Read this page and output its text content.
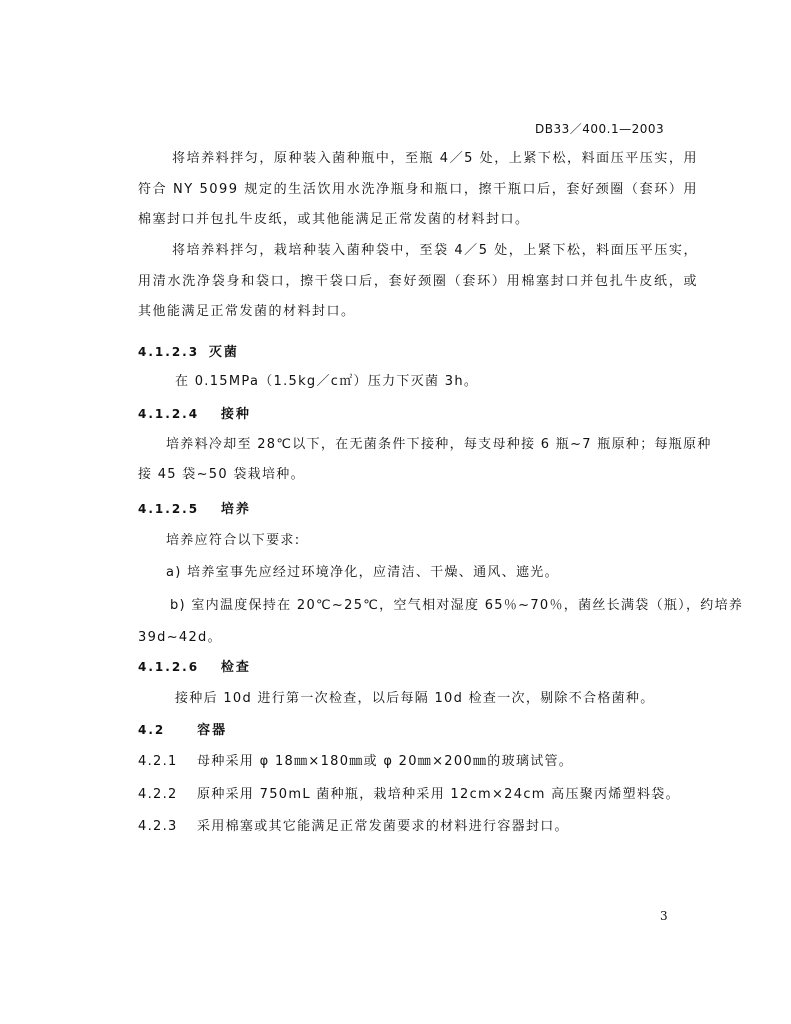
DB33／400.1—2003

将培养料拌匀，原种装入菌种瓶中，至瓶 4／5 处，上紧下松，料面压平压实，用符合 NY 5099 规定的生活饮用水洗净瓶身和瓶口，擦干瓶口后，套好颈圈（套环）用棉塞封口并包扎牛皮纸，或其他能满足正常发菌的材料封口。

将培养料拌匀，栽培种装入菌种袋中，至袋 4／5 处，上紧下松，料面压平压实，用清水洗净袋身和袋口，擦干袋口后，套好颈圈（套环）用棉塞封口并包扎牛皮纸，或其他能满足正常发菌的材料封口。

4.1.2.3 灭菌
在 0.15MPa（1.5kg／c㎡）压力下灭菌 3h。
4.1.2.4 接种
培养料冷却至 28℃以下，在无菌条件下接种，每支母种接 6 瓶~7 瓶原种；每瓶原种
接 45 袋~50 袋栽培种。
4.1.2.5 培养
培养应符合以下要求:
a) 培养室事先应经过环境净化，应清洁、干燥、通风、遮光。
b) 室内温度保持在 20℃~25℃，空气相对湿度 65％~70％，菌丝长满袋（瓶），约培养
39d~42d。
4.1.2.6 检查
接种后 10d 进行第一次检查，以后每隔 10d 检查一次，剔除不合格菌种。
4.2 容器
4.2.1 母种采用 φ 18㎜×180㎜或 φ 20㎜×200㎜的玻璃试管。
4.2.2 原种采用 750mL 菌种瓶，栽培种采用 12cm×24cm 高压聚丙烯塑料袋。
4.2.3 采用棉塞或其它能满足正常发菌要求的材料进行容器封口。
3
